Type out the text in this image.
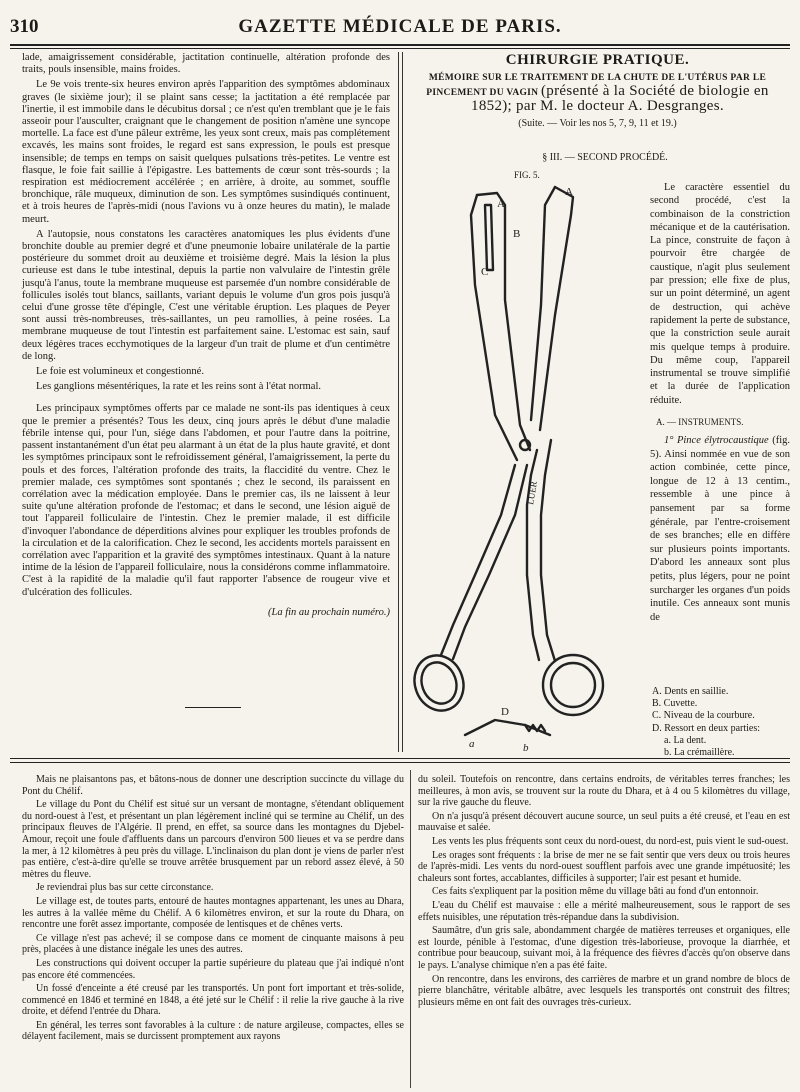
310	GAZETTE MÉDICALE DE PARIS.

lade, amaigrissement considérable, jactitation continuelle, altération profonde des traits, pouls insensible, mains froides.

Le 9e vois trente-six heures environ après l'apparition des symptômes abdominaux graves (le sixième jour); il se plaint sans cesse; la jactitation a été remplacée par l'inertie, il est immobile dans le décubitus dorsal ; ce n'est qu'en tremblant que je le fais asseoir pour l'ausculter, craignant que le changement de position n'amène une syncope mortelle. La face est d'une pâleur extrême, les yeux sont creux, mais pas complétement excavés, les mains sont froides, le regard est sans expression, le pouls est presque insensible; de temps en temps on saisit quelques pulsations très-petites. Le ventre est flasque, le foie fait saillie à l'épigastre. Les battements de cœur sont très-sourds ; la respiration est médiocrement accélérée ; en arrière, à droite, au sommet, souffle bronchique, râle muqueux, diminution de son. Les symptômes susindiqués continuent, et à trois heures de l'après-midi (nous l'avions vu à onze heures du matin), le malade meurt.

A l'autopsie, nous constatons les caractères anatomiques les plus évidents d'une bronchite double au premier degré et d'une pneumonie lobaire unilatérale de la partie postérieure du sommet droit au deuxième et troisième degré. Mais la lésion la plus curieuse est dans le tube intestinal, depuis la partie non valvulaire de l'intestin grêle jusqu'à l'anus, toute la membrane muqueuse est parsemée d'un nombre considérable de follicules isolés tout blancs, saillants, variant depuis le volume d'un gros pois jusqu'à celui d'une grosse tête d'épingle, C'est une véritable éruption. Les plaques de Peyer sont aussi très-nombreuses, très-saillantes, un peu ramollies, à peine rosées. La membrane muqueuse de tout l'intestin est parfaitement saine. L'estomac est sain, sauf deux légères traces ecchymotiques de la largeur d'un trait de plume et d'un centimètre de long.

Le foie est volumineux et congestionné.

Les ganglions mésentériques, la rate et les reins sont à l'état normal.

Les principaux symptômes offerts par ce malade ne sont-ils pas identiques à ceux que le premier a présentés? Tous les deux, cinq jours après le début d'une maladie fébrile intense qui, pour l'un, siége dans l'abdomen, et pour l'autre dans la poitrine, passent instantanément d'un état peu alarmant à un état de la plus haute gravité, et dont les symptômes principaux sont le refroidissement général, l'amaigrissement, la perte du pouls et des forces, l'altération profonde des traits, la flaccidité du ventre. Chez le premier malade, ces symptômes sont spontanés ; chez le second, ils paraissent en corrélation avec la médication employée. Dans le premier cas, ils ne laissent à leur suite qu'une altération profonde de l'estomac; et dans le second, une lésion aiguë de tout l'appareil folliculaire de l'intestin. Chez le premier malade, il est difficile d'invoquer l'abondance de déperditions alvines pour expliquer les troubles profonds de la circulation et de la calorification. Chez le second, les accidents mortels paraissent en corrélation avec l'apparition et la gravité des symptômes intestinaux. Quant à la nature intime de la lésion de l'appareil folliculaire, nous la considérons comme inflammatoire. C'est à la rapidité de la maladie qu'il faut rapporter l'absence de rougeur vive et d'ulcération des follicules.

(La fin au prochain numéro.)

CHIRURGIE PRATIQUE.
MÉMOIRE SUR LE TRAITEMENT DE LA CHUTE DE L'UTÉRUS PAR LE PINCEMENT DU VAGIN (présenté à la Société de biologie en 1852); par M. le docteur A. Desgranges.
(Suite. — Voir les nos 5, 7, 9, 11 et 19.)
§ III. — SECOND PROCÉDÉ.
FIG. 5.
A
A
B
C
D
a	b
LÜER

Le caractère essentiel du second procédé, c'est la combinaison de la constriction mécanique et de la cautérisation. La pince, construite de façon à pourvoir être chargée de caustique, n'agit plus seulement par pression; elle fixe de plus, sur un point déterminé, un agent de destruction, qui achève rapidement la perte de substance, que la constriction seule aurait mis quelque temps à produire. Du même coup, l'appareil instrumental se trouve simplifié et la durée de l'application réduite.

A. — INSTRUMENTS.

1° Pince élytrocaustique (fig. 5). Ainsi nommée en vue de son action combinée, cette pince, longue de 12 à 13 centim., ressemble à une pince à pansement par sa forme générale, par l'entre-croisement de ses branches; elle en diffère sur plusieurs points importants. D'abord les anneaux sont plus petits, plus légers, pour ne point surcharger les organes d'un poids inutile. Ces anneaux sont munis de

A. Dents en saillie.
B. Cuvette.
C. Niveau de la courbure.
D. Ressort en deux parties:
a. La dent.
b. La crémaillère.

Mais ne plaisantons pas, et bâtons-nous de donner une description succincte du village du Pont du Chélif.

Le village du Pont du Chélif est situé sur un versant de montagne, s'étendant obliquement du nord-ouest à l'est, et présentant un plan légèrement incliné qui se termine au Chélif, un des principaux fleuves de l'Algérie. Il prend, en effet, sa source dans les montagnes du Djebel-Amour, reçoit une foule d'affluents dans un parcours d'environ 500 lieues et va se perdre dans la mer, à 12 kilomètres à peu près du village. L'inclinaison du plan dont je viens de parler n'est pas entière, c'est-à-dire qu'elle se trouve arrêtée brusquement par un rebord assez élevé, à 50 mètres du fleuve.

Je reviendrai plus bas sur cette circonstance.

Le village est, de toutes parts, entouré de hautes montagnes appartenant, les unes au Dhara, les autres à la vallée même du Chélif. A 6 kilomètres environ, et sur la route du Dhara, on rencontre une forêt assez importante, composée de lentisques et de chênes verts.

Ce village n'est pas achevé; il se compose dans ce moment de cinquante maisons à peu près, placées à une distance inégale les unes des autres.

Les constructions qui doivent occuper la partie supérieure du plateau que j'ai indiqué n'ont pas encore été commencées.

Un fossé d'enceinte a été creusé par les transportés. Un pont fort important et très-solide, commencé en 1846 et terminé en 1848, a été jeté sur le Chélif : il relie la rive gauche à la rive droite, et défend l'entrée du Dhara.

En général, les terres sont favorables à la culture : de nature argileuse, compactes, elles se délayent facilement, mais se durcissent promptement aux rayons

du soleil. Toutefois on rencontre, dans certains endroits, de véritables terres franches; les meilleures, à mon avis, se trouvent sur la route du Dhara, et à 4 ou 5 kilomètres du village, sur la rive gauche du fleuve.

On n'a jusqu'à présent découvert aucune source, un seul puits a été creusé, et l'eau en est mauvaise et salée.

Les vents les plus fréquents sont ceux du nord-ouest, du nord-est, puis vient le sud-ouest.

Les orages sont fréquents : la brise de mer ne se fait sentir que vers deux ou trois heures de l'après-midi. Les vents du nord-ouest soufflent parfois avec une grande impétuosité; les chaleurs sont fortes, accablantes, difficiles à supporter; l'air est pesant et humide.

Ces faits s'expliquent par la position même du village bâti au fond d'un entonnoir.

L'eau du Chélif est mauvaise : elle a mérité malheureusement, sous le rapport de ses effets nuisibles, une réputation très-répandue dans la subdivision.

Saumâtre, d'un gris sale, abondamment chargée de matières terreuses et organiques, elle est lourde, pénible à l'estomac, d'une digestion très-laborieuse, provoque la diarrhée, et contribue pour beaucoup, suivant moi, à la fréquence des fièvres d'accès qu'on observe dans le pays. L'analyse chimique n'en a pas été faite.

On rencontre, dans les environs, des carrières de marbre et un grand nombre de blocs de pierre blanchâtre, véritable albâtre, avec lesquels les transportés ont construit des filtres; plusieurs même en ont fait des ouvrages très-curieux.
